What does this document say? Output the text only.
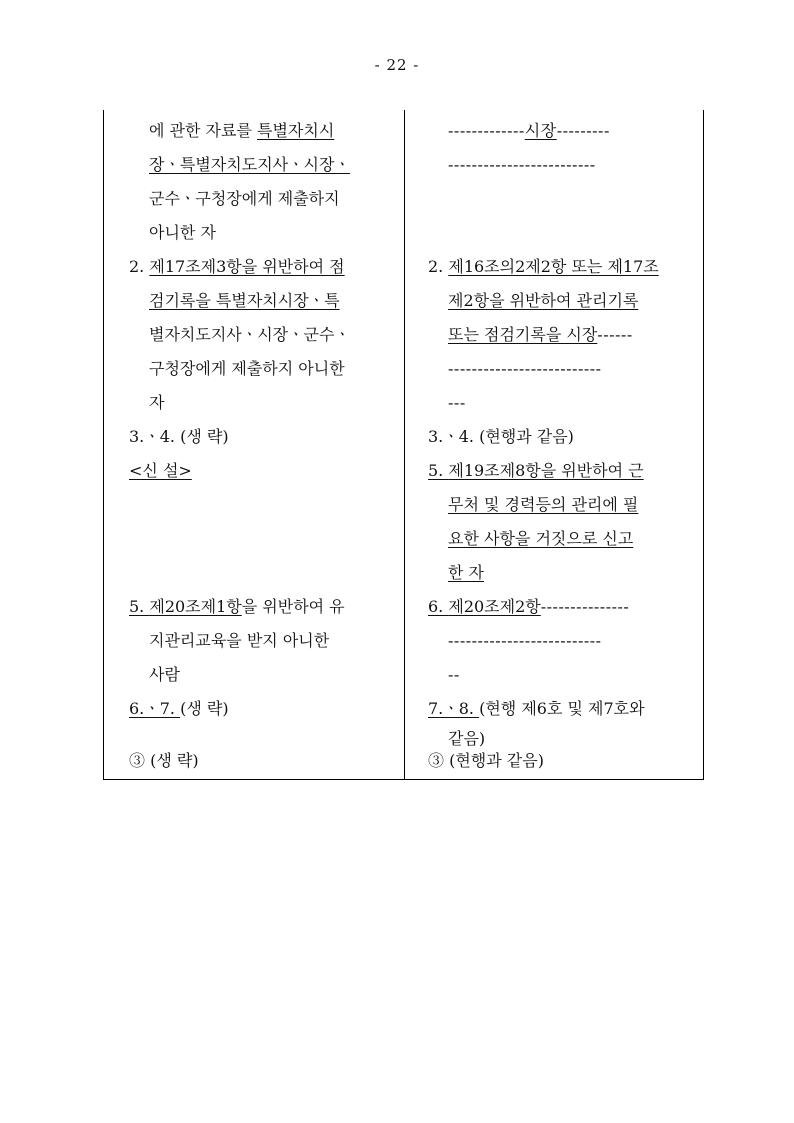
- 22 -
에 관한 자료를 특별자치시
장ㆍ특별자치도지사ㆍ시장ㆍ
군수ㆍ구청장에게 제출하지
아니한 자
2. 제17조제3항을 위반하여 점
검기록을 특별자치시장ㆍ특
별자치도지사ㆍ시장ㆍ군수ㆍ
구청장에게 제출하지 아니한
자
3.ㆍ4. (생 략)
<신 설>
5. 제20조제1항을 위반하여 유
지관리교육을 받지 아니한
사람
6.ㆍ7. (생 략)
③ (생 략)
-------------시장---------
-------------------------
2. 제16조의2제2항 또는 제17조
제2항을 위반하여 관리기록
또는 점검기록을 시장------
--------------------------
---
3.ㆍ4. (현행과 같음)
5. 제19조제8항을 위반하여 근
무처 및 경력등의 관리에 필
요한 사항을 거짓으로 신고
한 자
6. 제20조제2항---------------
--------------------------
--
7.ㆍ8. (현행 제6호 및 제7호와
같음)
③ (현행과 같음)
